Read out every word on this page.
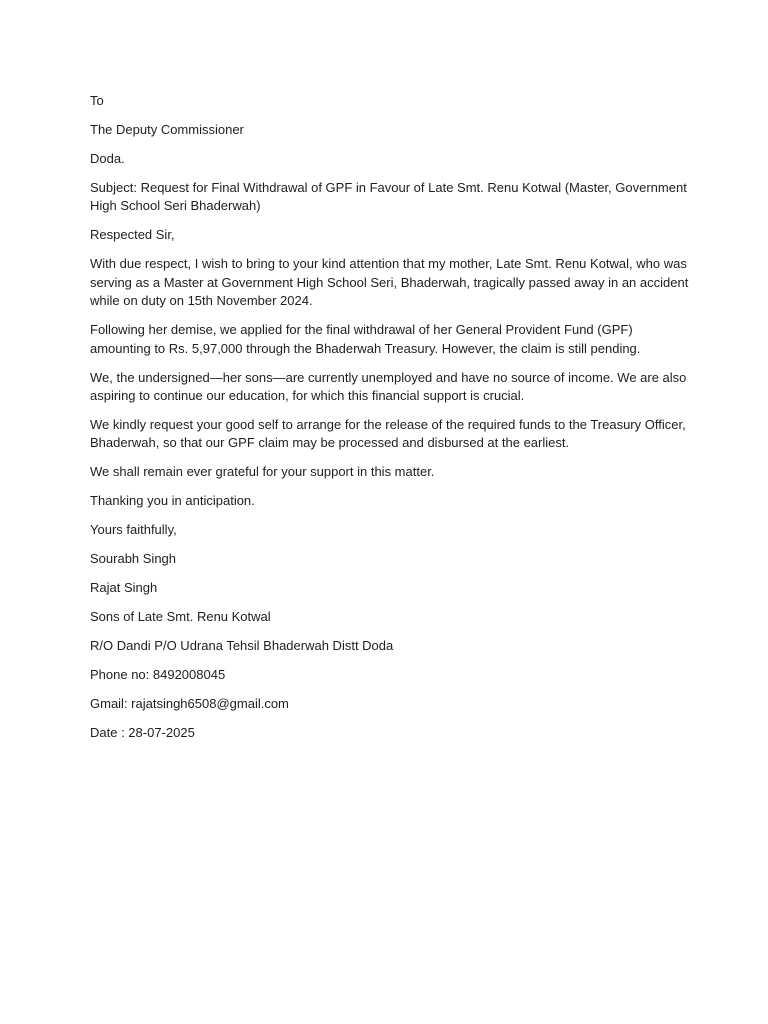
To

The Deputy Commissioner

Doda.

Subject: Request for Final Withdrawal of GPF in Favour of Late Smt. Renu Kotwal (Master, Government High School Seri Bhaderwah)

Respected Sir,

With due respect, I wish to bring to your kind attention that my mother, Late Smt. Renu Kotwal, who was serving as a Master at Government High School Seri, Bhaderwah, tragically passed away in an accident while on duty on 15th November 2024.

Following her demise, we applied for the final withdrawal of her General Provident Fund (GPF) amounting to Rs. 5,97,000 through the Bhaderwah Treasury. However, the claim is still pending.

We, the undersigned—her sons—are currently unemployed and have no source of income. We are also aspiring to continue our education, for which this financial support is crucial.

We kindly request your good self to arrange for the release of the required funds to the Treasury Officer, Bhaderwah, so that our GPF claim may be processed and disbursed at the earliest.

We shall remain ever grateful for your support in this matter.

Thanking you in anticipation.

Yours faithfully,

Sourabh Singh

Rajat Singh

Sons of Late Smt. Renu Kotwal

R/O Dandi P/O Udrana Tehsil Bhaderwah Distt Doda

Phone no: 8492008045

Gmail: rajatsingh6508@gmail.com

Date : 28-07-2025
